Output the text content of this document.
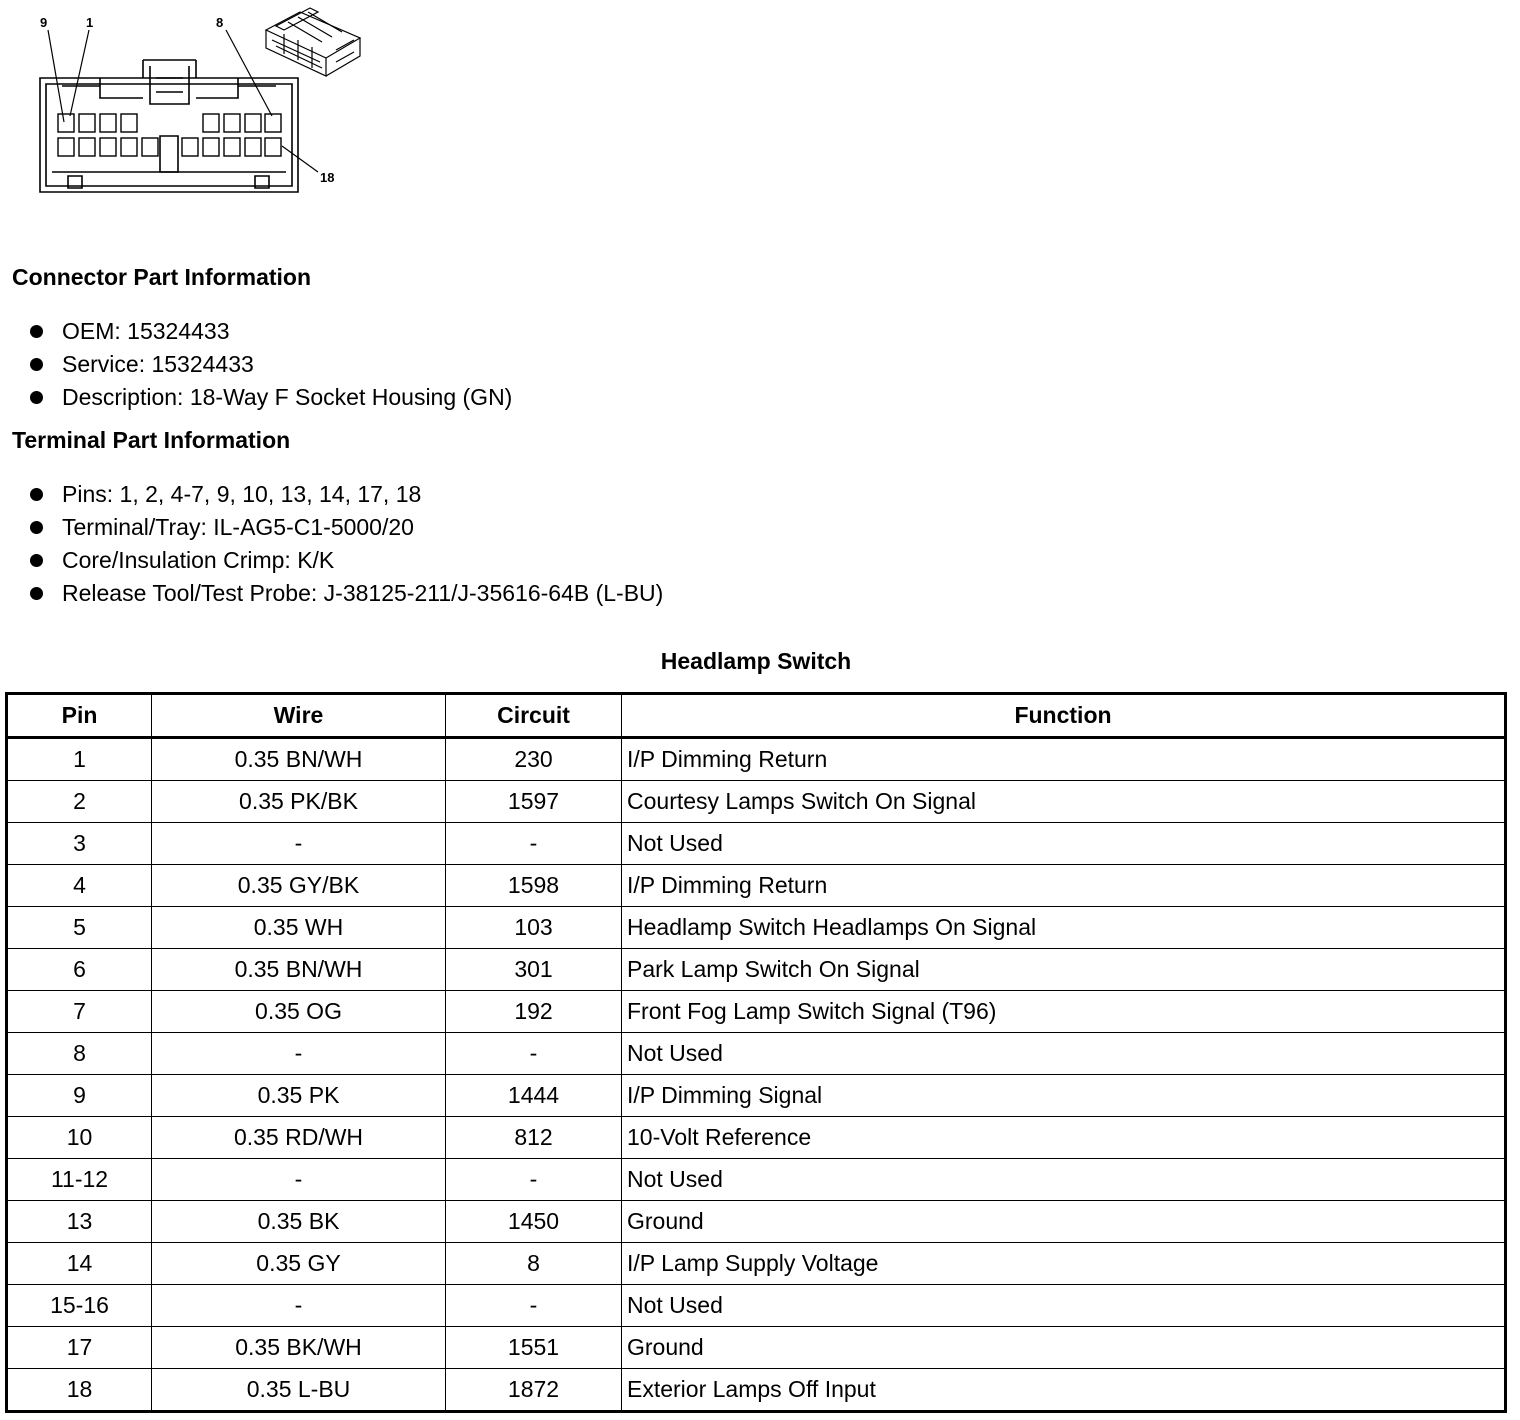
9	1	8
18
Connector Part Information
OEM: 15324433
Service: 15324433
Description: 18-Way F Socket Housing (GN)
Terminal Part Information
Pins: 1, 2, 4-7, 9, 10, 13, 14, 17, 18
Terminal/Tray: IL-AG5-C1-5000/20
Core/Insulation Crimp: K/K
Release Tool/Test Probe: J-38125-211/J-35616-64B (L-BU)
Headlamp Switch
Pin	Wire	Circuit	Function
1	0.35 BN/WH	230	I/P Dimming Return
2	0.35 PK/BK	1597	Courtesy Lamps Switch On Signal
3	-	-	Not Used
4	0.35 GY/BK	1598	I/P Dimming Return
5	0.35 WH	103	Headlamp Switch Headlamps On Signal
6	0.35 BN/WH	301	Park Lamp Switch On Signal
7	0.35 OG	192	Front Fog Lamp Switch Signal (T96)
8	-	-	Not Used
9	0.35 PK	1444	I/P Dimming Signal
10	0.35 RD/WH	812	10-Volt Reference
11-12	-	-	Not Used
13	0.35 BK	1450	Ground
14	0.35 GY	8	I/P Lamp Supply Voltage
15-16	-	-	Not Used
17	0.35 BK/WH	1551	Ground
18	0.35 L-BU	1872	Exterior Lamps Off Input
